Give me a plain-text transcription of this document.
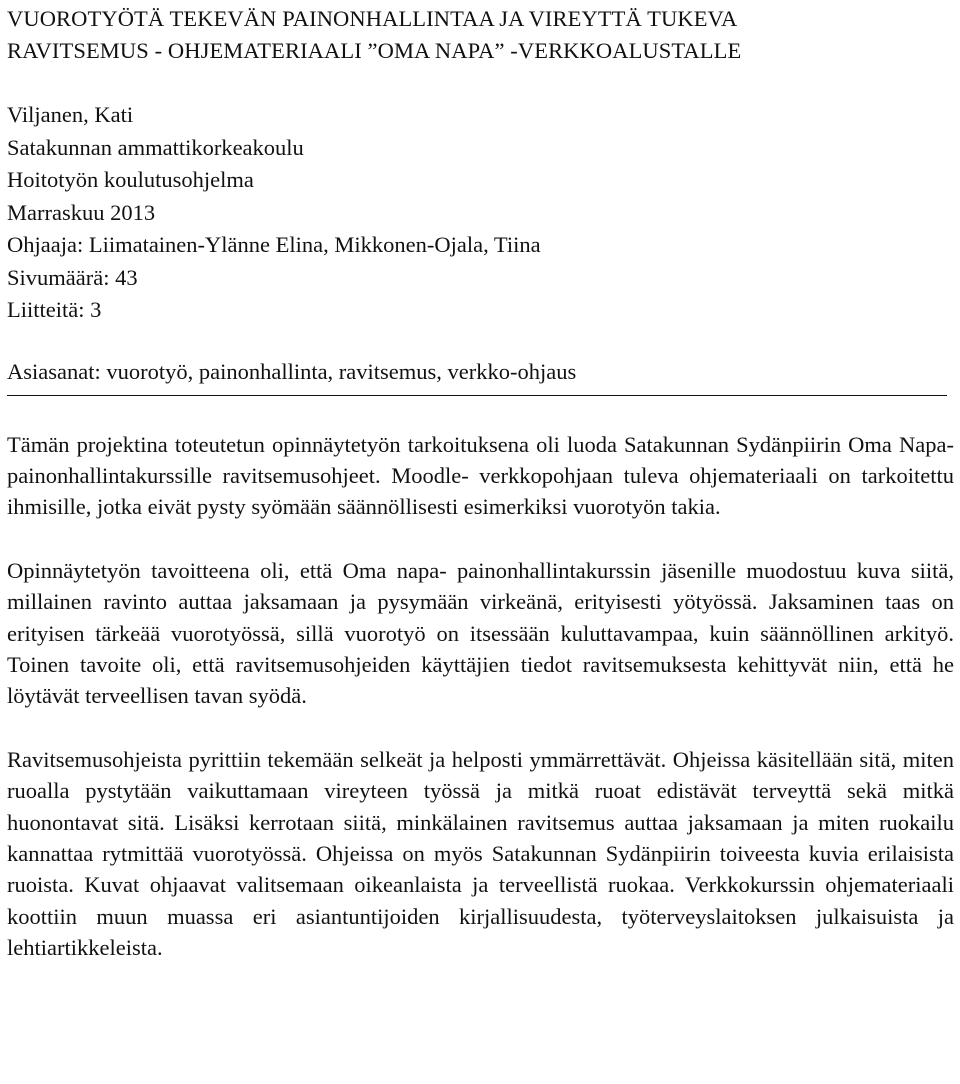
VUOROTYÖTÄ TEKEVÄN PAINONHALLINTAA JA VIREYTTÄ TUKEVA
RAVITSEMUS - OHJEMATERIAALI ”OMA NAPA” -VERKKOALUSTALLE
Viljanen, Kati
Satakunnan ammattikorkeakoulu
Hoitotyön koulutusohjelma
Marraskuu 2013
Ohjaaja: Liimatainen-Ylänne Elina, Mikkonen-Ojala, Tiina
Sivumäärä: 43
Liitteitä: 3
Asiasanat: vuorotyö, painonhallinta, ravitsemus, verkko-ohjaus

Tämän projektina toteutetun opinnäytetyön tarkoituksena oli luoda Satakunnan Sydänpiirin Oma Napa- painonhallintakurssille ravitsemusohjeet. Moodle- verkkopohjaan tuleva ohjemateriaali on tarkoitettu ihmisille, jotka eivät pysty syömään säännöllisesti esimerkiksi vuorotyön takia.

Opinnäytetyön tavoitteena oli, että Oma napa- painonhallintakurssin jäsenille muodostuu kuva siitä, millainen ravinto auttaa jaksamaan ja pysymään virkeänä, erityisesti yötyössä. Jaksaminen taas on erityisen tärkeää vuorotyössä, sillä vuorotyö on itsessään kuluttavampaa, kuin säännöllinen arkityö. Toinen tavoite oli, että ravitsemusohjeiden käyttäjien tiedot ravitsemuksesta kehittyvät niin, että he löytävät terveellisen tavan syödä.

Ravitsemusohjeista pyrittiin tekemään selkeät ja helposti ymmärrettävät. Ohjeissa käsitellään sitä, miten ruoalla pystytään vaikuttamaan vireyteen työssä ja mitkä ruoat edistävät terveyttä sekä mitkä huonontavat sitä. Lisäksi kerrotaan siitä, minkälainen ravitsemus auttaa jaksamaan ja miten ruokailu kannattaa rytmittää vuorotyössä. Ohjeissa on myös Satakunnan Sydänpiirin toiveesta kuvia erilaisista ruoista. Kuvat ohjaavat valitsemaan oikeanlaista ja terveellistä ruokaa. Verkkokurssin ohjemateriaali koottiin muun muassa eri asiantuntijoiden kirjallisuudesta, työterveyslaitoksen julkaisuista ja lehtiartikkeleista.
